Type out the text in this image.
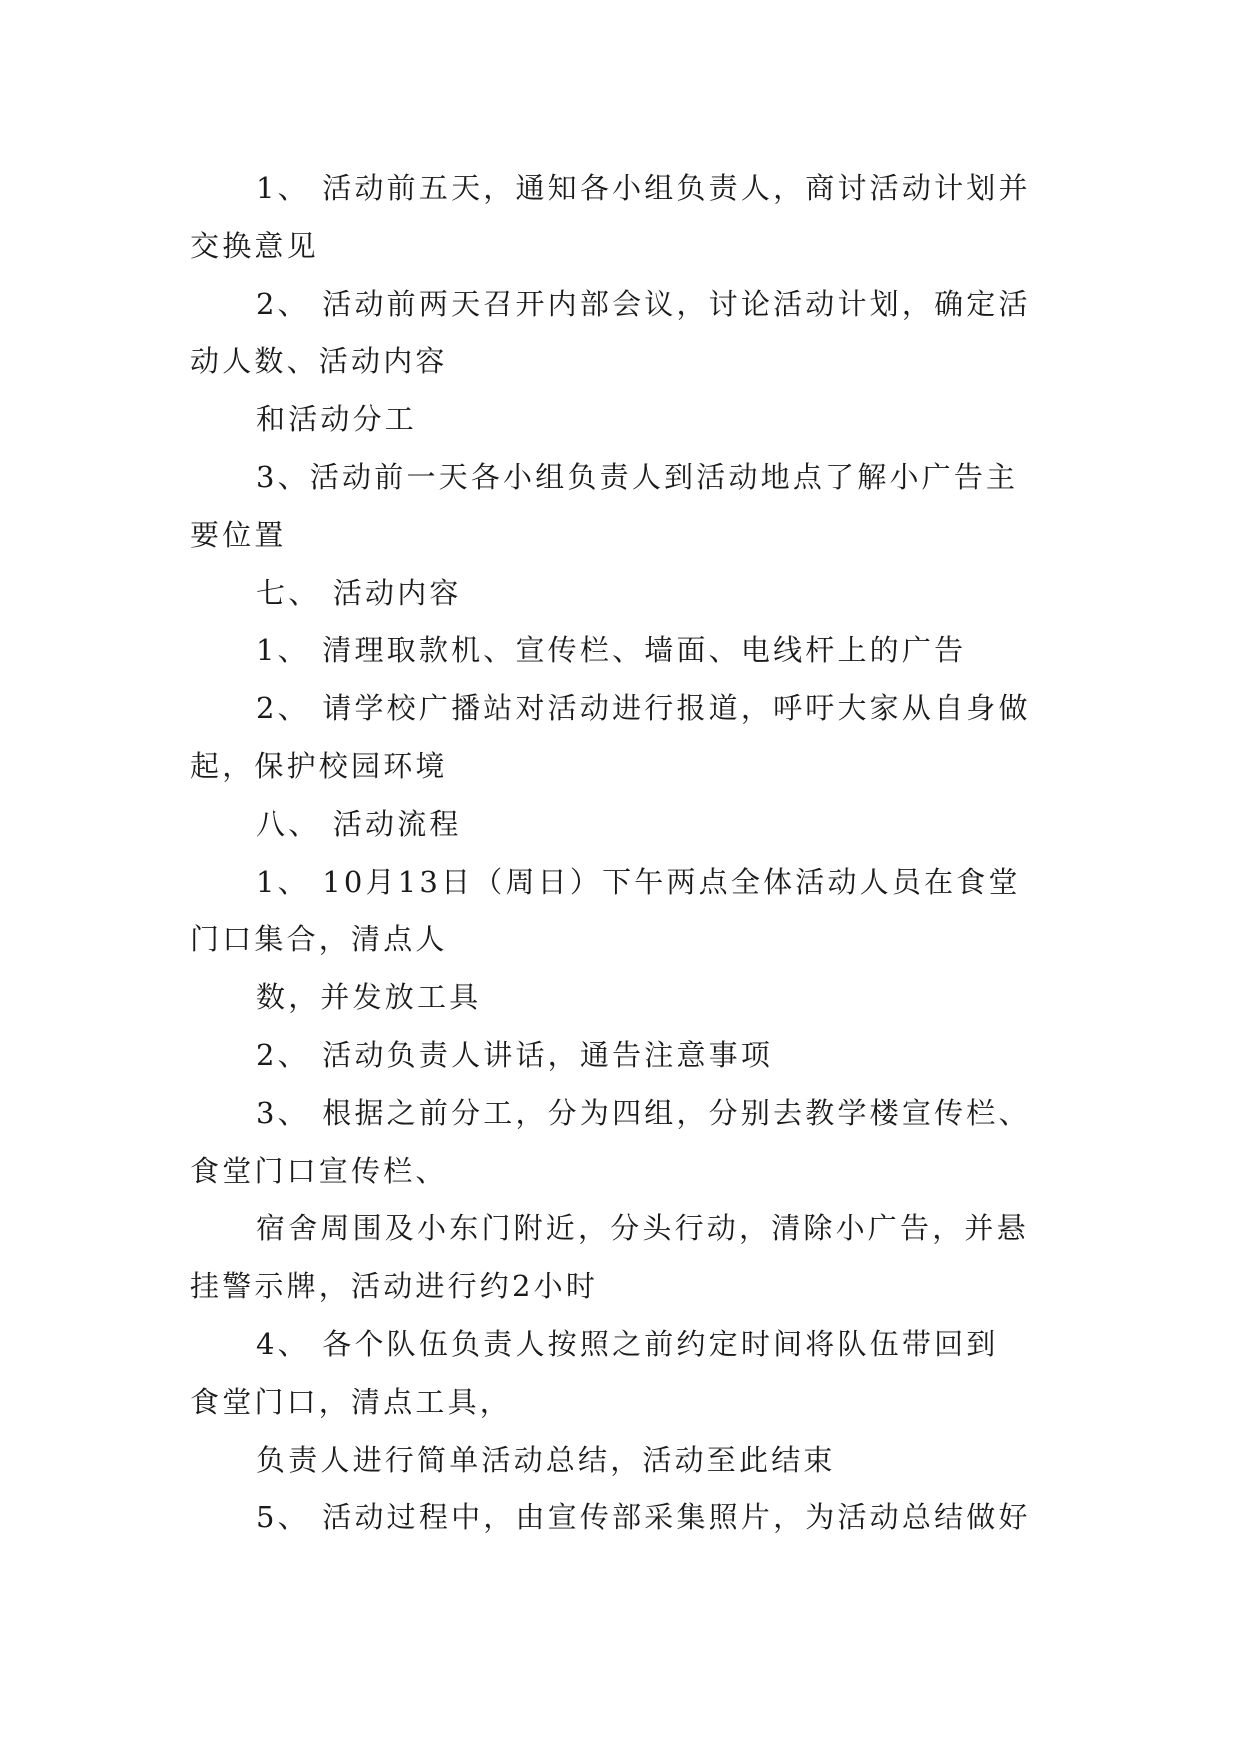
1、 活动前五天，通知各小组负责人，商讨活动计划并
交换意见
2、 活动前两天召开内部会议，讨论活动计划，确定活
动人数、活动内容
和活动分工
3、活动前一天各小组负责人到活动地点了解小广告主
要位置
七、 活动内容
1、 清理取款机、宣传栏、墙面、电线杆上的广告
2、 请学校广播站对活动进行报道，呼吁大家从自身做
起，保护校园环境
八、 活动流程
1、 10月13日（周日）下午两点全体活动人员在食堂
门口集合，清点人
数，并发放工具
2、 活动负责人讲话，通告注意事项
3、 根据之前分工，分为四组，分别去教学楼宣传栏、
食堂门口宣传栏、
宿舍周围及小东门附近，分头行动，清除小广告，并悬
挂警示牌，活动进行约2小时
4、 各个队伍负责人按照之前约定时间将队伍带回到
食堂门口，清点工具，
负责人进行简单活动总结，活动至此结束
5、 活动过程中，由宣传部采集照片，为活动总结做好
